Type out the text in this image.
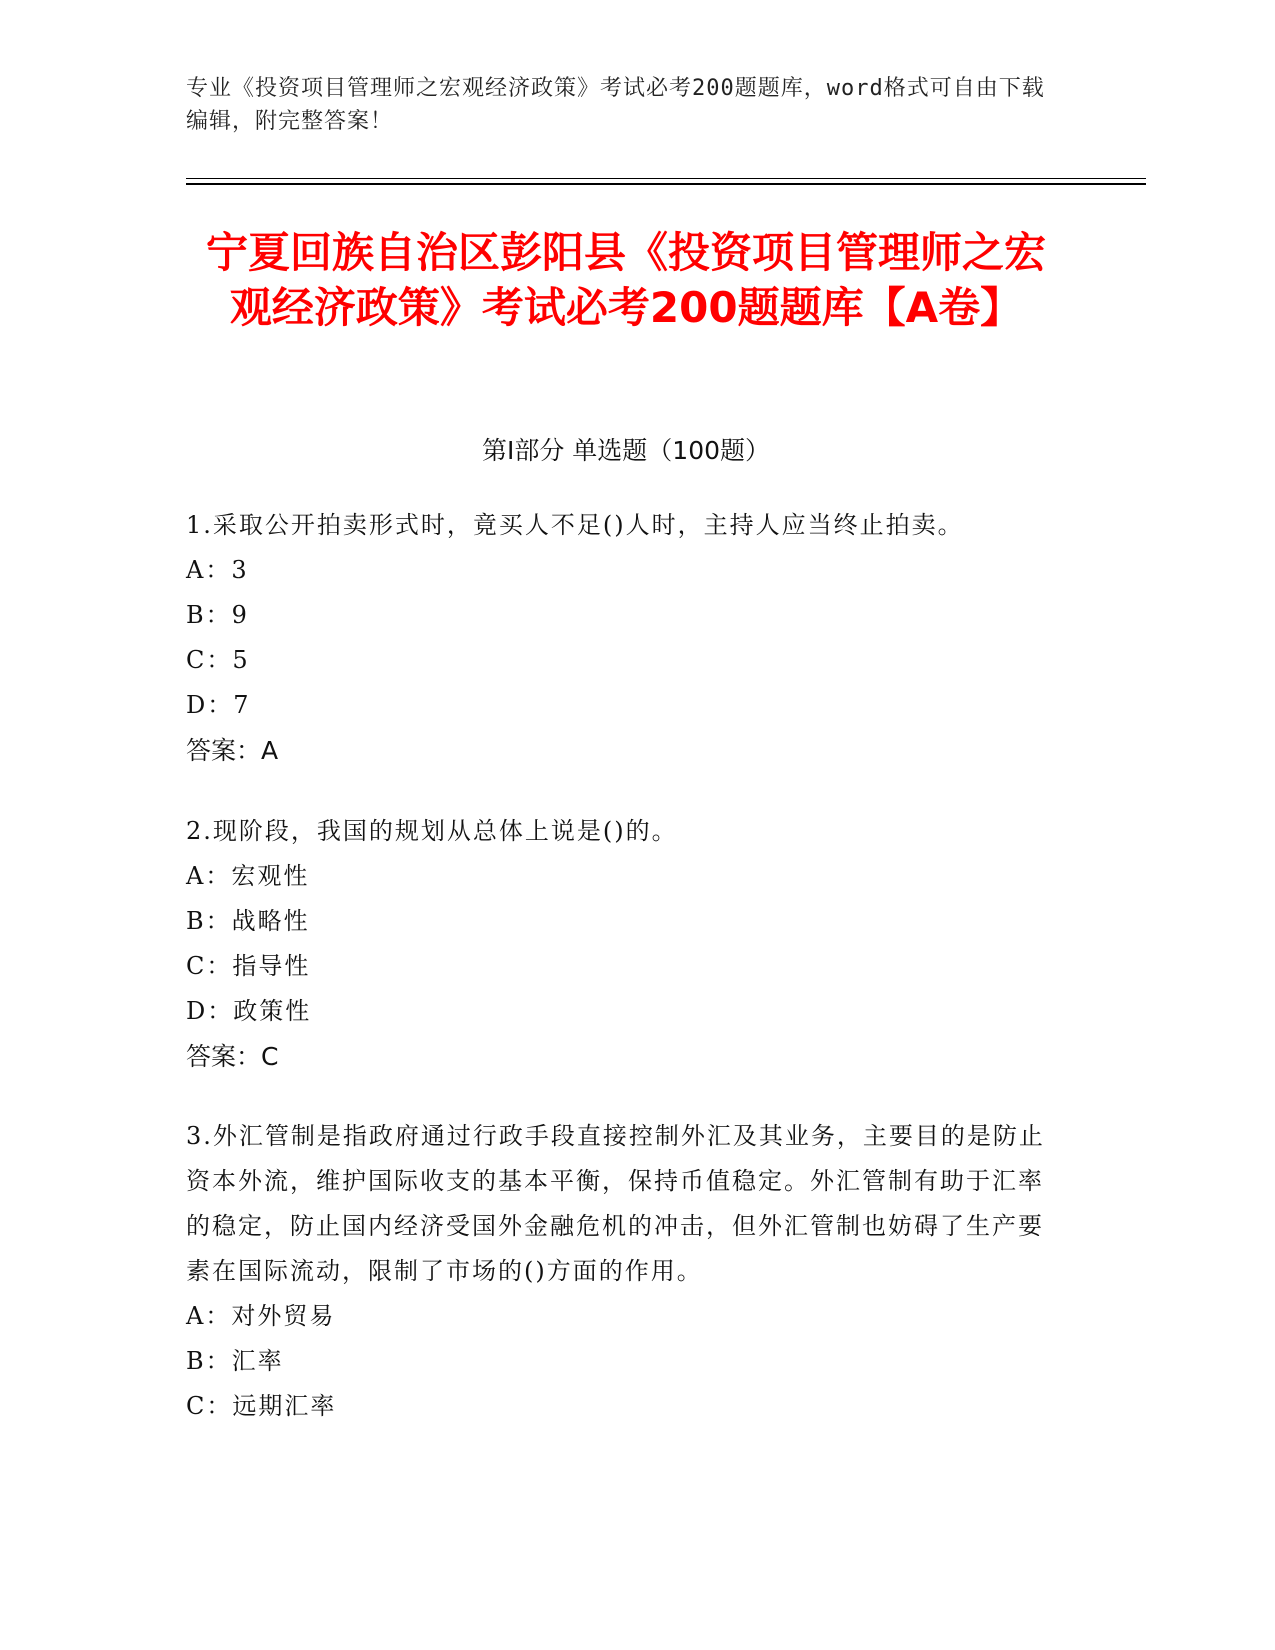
专业《投资项目管理师之宏观经济政策》考试必考200题题库，word格式可自由下载编辑，附完整答案！
宁夏回族自治区彭阳县《投资项目管理师之宏观经济政策》考试必考200题题库【A卷】
第Ⅰ部分 单选题（100题）

1.采取公开拍卖形式时，竟买人不足()人时，主持人应当终止拍卖。

A：3

B：9

C：5

D：7

答案：A

2.现阶段，我国的规划从总体上说是()的。

A：宏观性

B：战略性

C：指导性

D：政策性

答案：C

3.外汇管制是指政府通过行政手段直接控制外汇及其业务，主要目的是防止资本外流，维护国际收支的基本平衡，保持币值稳定。外汇管制有助于汇率的稳定，防止国内经济受国外金融危机的冲击，但外汇管制也妨碍了生产要素在国际流动，限制了市场的()方面的作用。

A：对外贸易

B：汇率

C：远期汇率
